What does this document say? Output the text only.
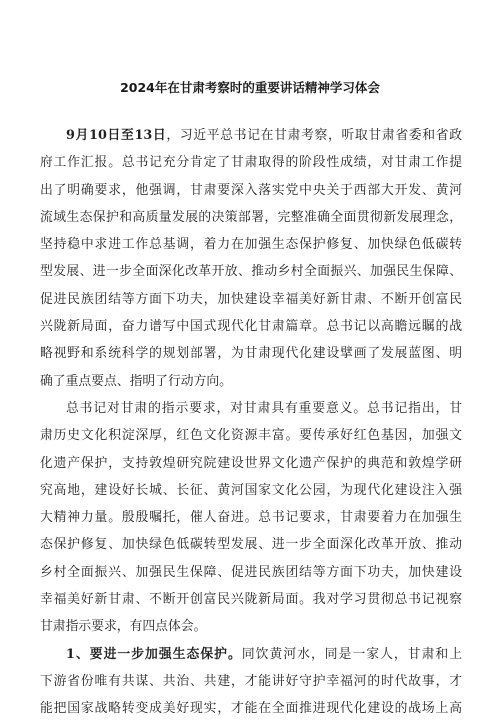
2024年在甘肃考察时的重要讲话精神学习体会
9月10日至13日，习近平总书记在甘肃考察，听取甘肃省委和省政
府工作汇报。总书记充分肯定了甘肃取得的阶段性成绩，对甘肃工作提
出了明确要求，他强调，甘肃要深入落实党中央关于西部大开发、黄河
流域生态保护和高质量发展的决策部署，完整准确全面贯彻新发展理念，
坚持稳中求进工作总基调，着力在加强生态保护修复、加快绿色低碳转
型发展、进一步全面深化改革开放、推动乡村全面振兴、加强民生保障、
促进民族团结等方面下功夫，加快建设幸福美好新甘肃、不断开创富民
兴陇新局面，奋力谱写中国式现代化甘肃篇章。总书记以高瞻远瞩的战
略视野和系统科学的规划部署，为甘肃现代化建设擘画了发展蓝图、明
确了重点要点、指明了行动方向。
总书记对甘肃的指示要求，对甘肃具有重要意义。总书记指出，甘
肃历史文化积淀深厚，红色文化资源丰富。要传承好红色基因，加强文
化遗产保护，支持敦煌研究院建设世界文化遗产保护的典范和敦煌学研
究高地，建设好长城、长征、黄河国家文化公园，为现代化建设注入强
大精神力量。殷殷嘱托，催人奋进。总书记要求，甘肃要着力在加强生
态保护修复、加快绿色低碳转型发展、进一步全面深化改革开放、推动
乡村全面振兴、加强民生保障、促进民族团结等方面下功夫，加快建设
幸福美好新甘肃、不断开创富民兴陇新局面。我对学习贯彻总书记视察
甘肃指示要求，有四点体会。
1、要进一步加强生态保护。同饮黄河水，同是一家人，甘肃和上
下游省份唯有共谋、共治、共建，才能讲好守护幸福河的时代故事，才
能把国家战略转变成美好现实，才能在全面推进现代化建设的战场上高
